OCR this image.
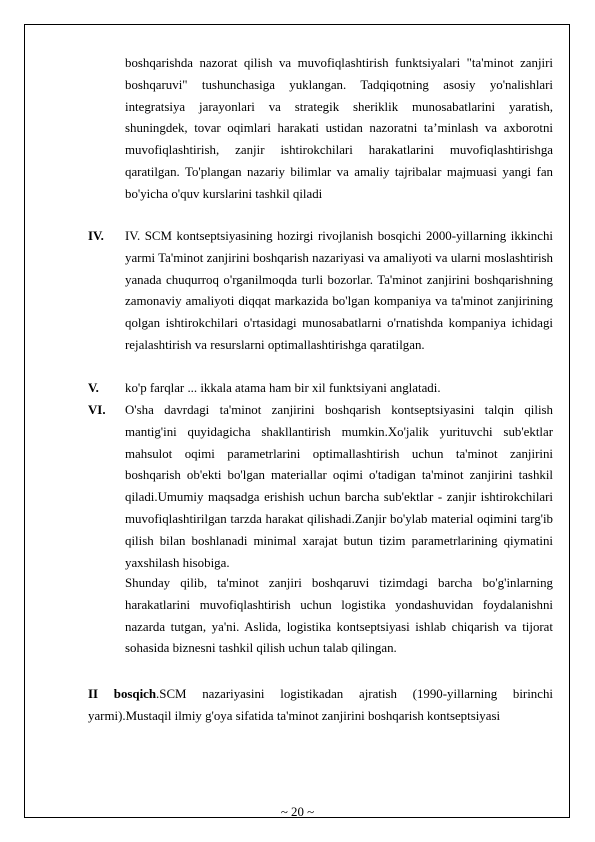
boshqarishda nazorat qilish va muvofiqlashtirish funktsiyalari "ta'minot zanjiri boshqaruvi" tushunchasiga yuklangan. Tadqiqotning asosiy yo'nalishlari integratsiya jarayonlari va strategik sheriklik munosabatlarini yaratish, shuningdek, tovar oqimlari harakati ustidan nazoratni ta’minlash va axborotni muvofiqlashtirish, zanjir ishtirokchilari harakatlarini muvofiqlashtirishga qaratilgan. To'plangan nazariy bilimlar va amaliy tajribalar majmuasi yangi fan bo'yicha o'quv kurslarini tashkil qiladi

IV. IV. SCM kontseptsiyasining hozirgi rivojlanish bosqichi 2000-yillarning ikkinchi yarmi Ta'minot zanjirini boshqarish nazariyasi va amaliyoti va ularni moslashtirish yanada chuqurroq o'rganilmoqda turli bozorlar. Ta'minot zanjirini boshqarishning zamonaviy amaliyoti diqqat markazida bo'lgan kompaniya va ta'minot zanjirining qolgan ishtirokchilari o'rtasidagi munosabatlarni o'rnatishda kompaniya ichidagi rejalashtirish va resurslarni optimallashtirishga qaratilgan.

V. ko'p farqlar ... ikkala atama ham bir xil funktsiyani anglatadi.

VI. O'sha davrdagi ta'minot zanjirini boshqarish kontseptsiyasini talqin qilish mantig'ini quyidagicha shakllantirish mumkin.Xo'jalik yurituvchi sub'ektlar mahsulot oqimi parametrlarini optimallashtirish uchun ta'minot zanjirini boshqarish ob'ekti bo'lgan materiallar oqimi o'tadigan ta'minot zanjirini tashkil qiladi.Umumiy maqsadga erishish uchun barcha sub'ektlar - zanjir ishtirokchilari muvofiqlashtirilgan tarzda harakat qilishadi.Zanjir bo'ylab material oqimini targ'ib qilish bilan boshlanadi minimal xarajat butun tizim parametrlarining qiymatini yaxshilash hisobiga.

Shunday qilib, ta'minot zanjiri boshqaruvi tizimdagi barcha bo'g'inlarning harakatlarini muvofiqlashtirish uchun logistika yondashuvidan foydalanishni nazarda tutgan, ya'ni. Aslida, logistika kontseptsiyasi ishlab chiqarish va tijorat sohasida biznesni tashkil qilish uchun talab qilingan.

II bosqich.SCM nazariyasini logistikadan ajratish (1990-yillarning birinchi yarmi).Mustaqil ilmiy g'oya sifatida ta'minot zanjirini boshqarish kontseptsiyasi

~ 20 ~
